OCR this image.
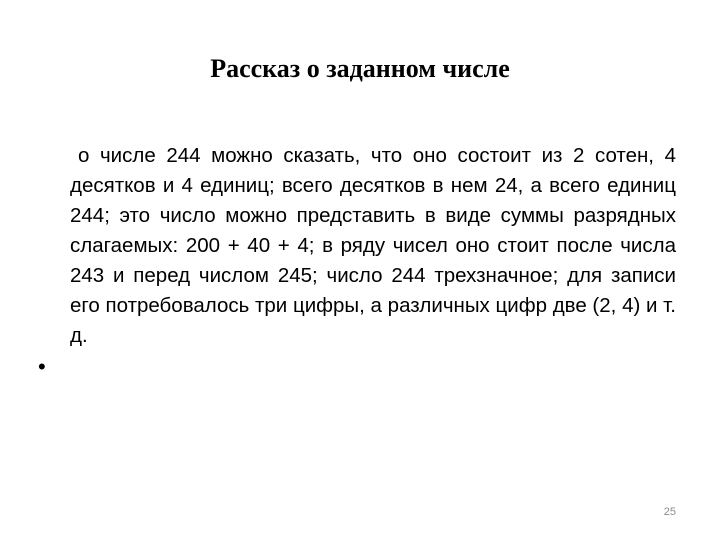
Рассказ о заданном числе

о числе 244 можно сказать, что оно состоит из 2 сотен, 4 десятков и 4 единиц; всего десятков в нем 24, а всего единиц 244; это число можно представить в виде суммы разрядных слагаемых: 200 + 40 + 4; в ряду чисел оно стоит после числа 243 и перед числом 245; число 244 трехзначное; для записи его потребовалось три цифры, а различных цифр две (2, 4) и т. д.

•
25
